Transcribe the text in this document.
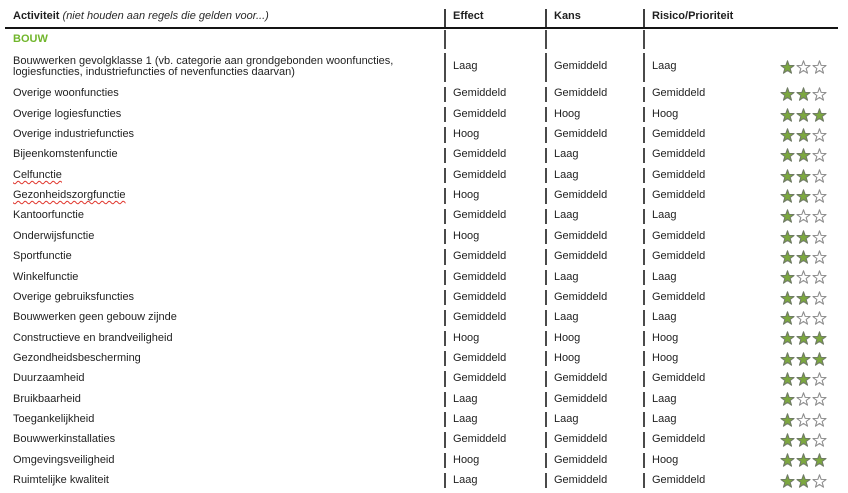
Activiteit (niet houden aan regels die gelden voor...)	Effect	Kans	Risico/Prioriteit
BOUW
Bouwwerken gevolgklasse 1 (vb. categorie aan grondgebonden woonfuncties, logiesfuncties, industriefuncties of nevenfuncties daarvan)	Laag	Gemiddeld	Laag
Overige woonfuncties	Gemiddeld	Gemiddeld	Gemiddeld
Overige logiesfuncties	Gemiddeld	Hoog	Hoog
Overige industriefuncties	Hoog	Gemiddeld	Gemiddeld
Bijeenkomstenfunctie	Gemiddeld	Laag	Gemiddeld
Celfunctie	Gemiddeld	Laag	Gemiddeld
Gezonheidszorgfunctie	Hoog	Gemiddeld	Gemiddeld
Kantoorfunctie	Gemiddeld	Laag	Laag
Onderwijsfunctie	Hoog	Gemiddeld	Gemiddeld
Sportfunctie	Gemiddeld	Gemiddeld	Gemiddeld
Winkelfunctie	Gemiddeld	Laag	Laag
Overige gebruiksfuncties	Gemiddeld	Gemiddeld	Gemiddeld
Bouwwerken geen gebouw zijnde	Gemiddeld	Laag	Laag
Constructieve en brandveiligheid	Hoog	Hoog	Hoog
Gezondheidsbescherming	Gemiddeld	Hoog	Hoog
Duurzaamheid	Gemiddeld	Gemiddeld	Gemiddeld
Bruikbaarheid	Laag	Gemiddeld	Laag
Toegankelijkheid	Laag	Laag	Laag
Bouwwerkinstallaties	Gemiddeld	Gemiddeld	Gemiddeld
Omgevingsveiligheid	Hoog	Gemiddeld	Hoog
Ruimtelijke kwaliteit	Laag	Gemiddeld	Gemiddeld
